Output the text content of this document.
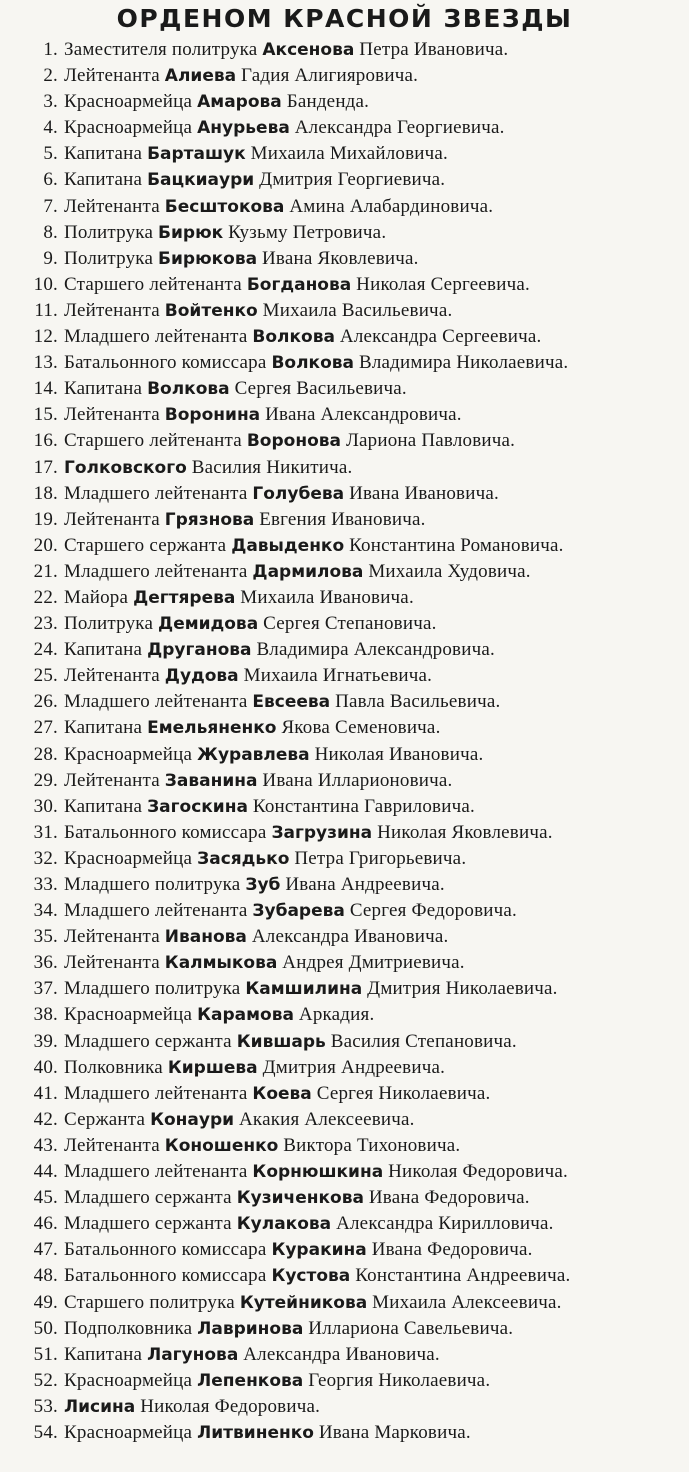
ОРДЕНОМ КРАСНОЙ ЗВЕЗДЫ
1. Заместителя политрука Аксенова Петра Ивановича.
2. Лейтенанта Алиева Гадия Алигияровича.
3. Красноармейца Амарова Банденда.
4. Красноармейца Анурьева Александра Георгиевича.
5. Капитана Барташук Михаила Михайловича.
6. Капитана Бацкиаури Дмитрия Георгиевича.
7. Лейтенанта Бесштокова Амина Алабардиновича.
8. Политрука Бирюк Кузьму Петровича.
9. Политрука Бирюкова Ивана Яковлевича.
10. Старшего лейтенанта Богданова Николая Сергеевича.
11. Лейтенанта Войтенко Михаила Васильевича.
12. Младшего лейтенанта Волкова Александра Сергеевича.
13. Батальонного комиссара Волкова Владимира Николаевича.
14. Капитана Волкова Сергея Васильевича.
15. Лейтенанта Воронина Ивана Александровича.
16. Старшего лейтенанта Воронова Лариона Павловича.
17. Голковского Василия Никитича.
18. Младшего лейтенанта Голубева Ивана Ивановича.
19. Лейтенанта Грязнова Евгения Ивановича.
20. Старшего сержанта Давыденко Константина Романовича.
21. Младшего лейтенанта Дармилова Михаила Худовича.
22. Майора Дегтярева Михаила Ивановича.
23. Политрука Демидова Сергея Степановича.
24. Капитана Друганова Владимира Александровича.
25. Лейтенанта Дудова Михаила Игнатьевича.
26. Младшего лейтенанта Евсеева Павла Васильевича.
27. Капитана Емельяненко Якова Семеновича.
28. Красноармейца Журавлева Николая Ивановича.
29. Лейтенанта Заванина Ивана Илларионовича.
30. Капитана Загоскина Константина Гавриловича.
31. Батальонного комиссара Загрузина Николая Яковлевича.
32. Красноармейца Засядько Петра Григорьевича.
33. Младшего политрука Зуб Ивана Андреевича.
34. Младшего лейтенанта Зубарева Сергея Федоровича.
35. Лейтенанта Иванова Александра Ивановича.
36. Лейтенанта Калмыкова Андрея Дмитриевича.
37. Младшего политрука Камшилина Дмитрия Николаевича.
38. Красноармейца Карамова Аркадия.
39. Младшего сержанта Кившарь Василия Степановича.
40. Полковника Киршева Дмитрия Андреевича.
41. Младшего лейтенанта Коева Сергея Николаевича.
42. Сержанта Конаури Акакия Алексеевича.
43. Лейтенанта Коношенко Виктора Тихоновича.
44. Младшего лейтенанта Корнюшкина Николая Федоровича.
45. Младшего сержанта Кузиченкова Ивана Федоровича.
46. Младшего сержанта Кулакова Александра Кирилловича.
47. Батальонного комиссара Куракина Ивана Федоровича.
48. Батальонного комиссара Кустова Константина Андреевича.
49. Старшего политрука Кутейникова Михаила Алексеевича.
50. Подполковника Лавриновa Илларионa Савельевича.
51. Капитана Лагунова Александра Ивановича.
52. Красноармейца Лепенкова Георгия Николаевича.
53. Лисина Николая Федоровича.
54. Красноармейца Литвиненко Ивана Марковича.
